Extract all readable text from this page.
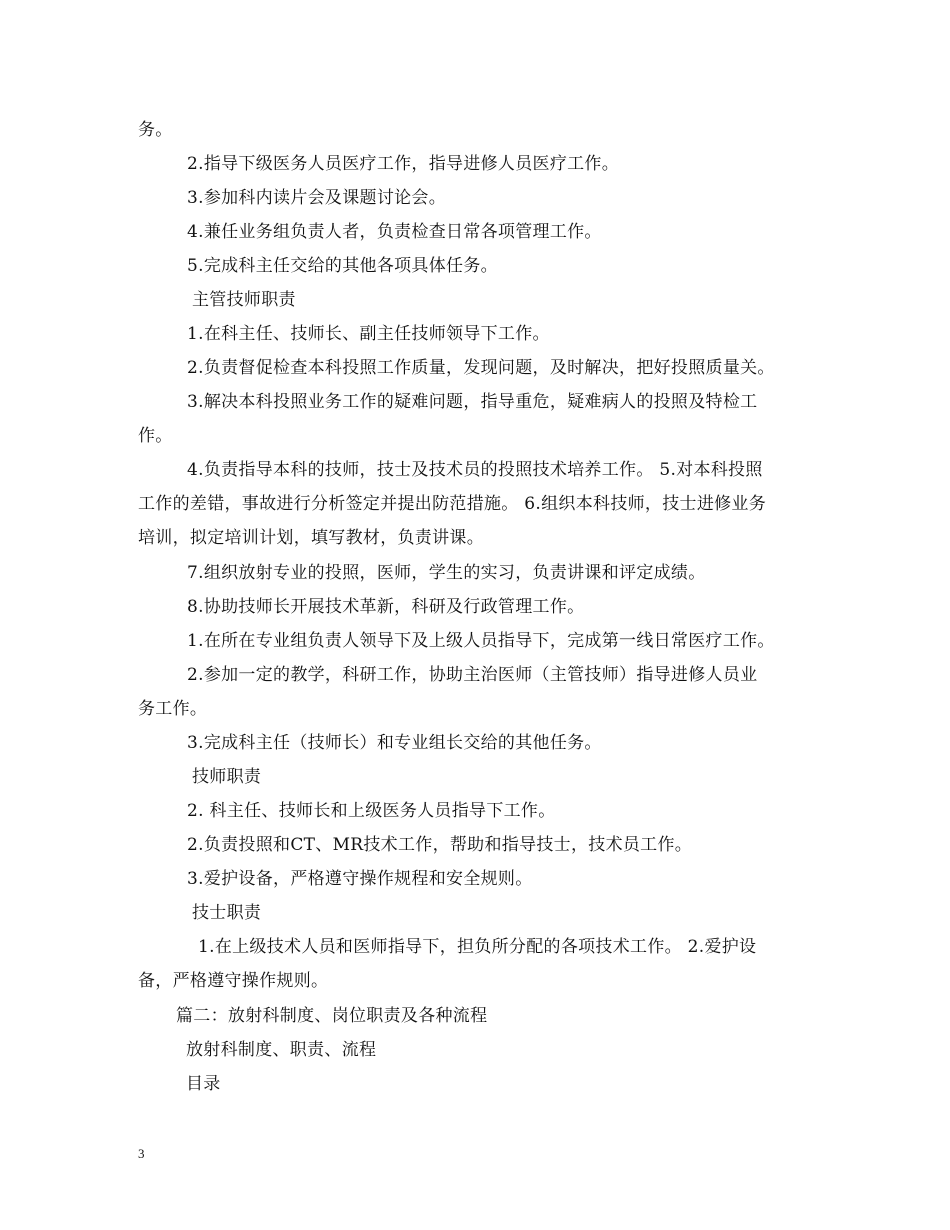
务。
2.指导下级医务人员医疗工作，指导进修人员医疗工作。
3.参加科内读片会及课题讨论会。
4.兼任业务组负责人者，负责检查日常各项管理工作。
5.完成科主任交给的其他各项具体任务。
主管技师职责
1.在科主任、技师长、副主任技师领导下工作。
2.负责督促检查本科投照工作质量，发现问题，及时解决，把好投照质量关。
3.解决本科投照业务工作的疑难问题，指导重危，疑难病人的投照及特检工
作。
4.负责指导本科的技师，技士及技术员的投照技术培养工作。 5.对本科投照
工作的差错，事故进行分析签定并提出防范措施。 6.组织本科技师，技士进修业务
培训，拟定培训计划，填写教材，负责讲课。
7.组织放射专业的投照，医师，学生的实习，负责讲课和评定成绩。
8.协助技师长开展技术革新，科研及行政管理工作。
1.在所在专业组负责人领导下及上级人员指导下，完成第一线日常医疗工作。
2.参加一定的教学，科研工作，协助主治医师（主管技师）指导进修人员业
务工作。
3.完成科主任（技师长）和专业组长交给的其他任务。
技师职责
2. 科主任、技师长和上级医务人员指导下工作。
2.负责投照和CT、MR技术工作，帮助和指导技士，技术员工作。
3.爱护设备，严格遵守操作规程和安全规则。
技士职责
1.在上级技术人员和医师指导下，担负所分配的各项技术工作。 2.爱护设
备，严格遵守操作规则。
篇二：放射科制度、岗位职责及各种流程
放射科制度、职责、流程
目录
3
